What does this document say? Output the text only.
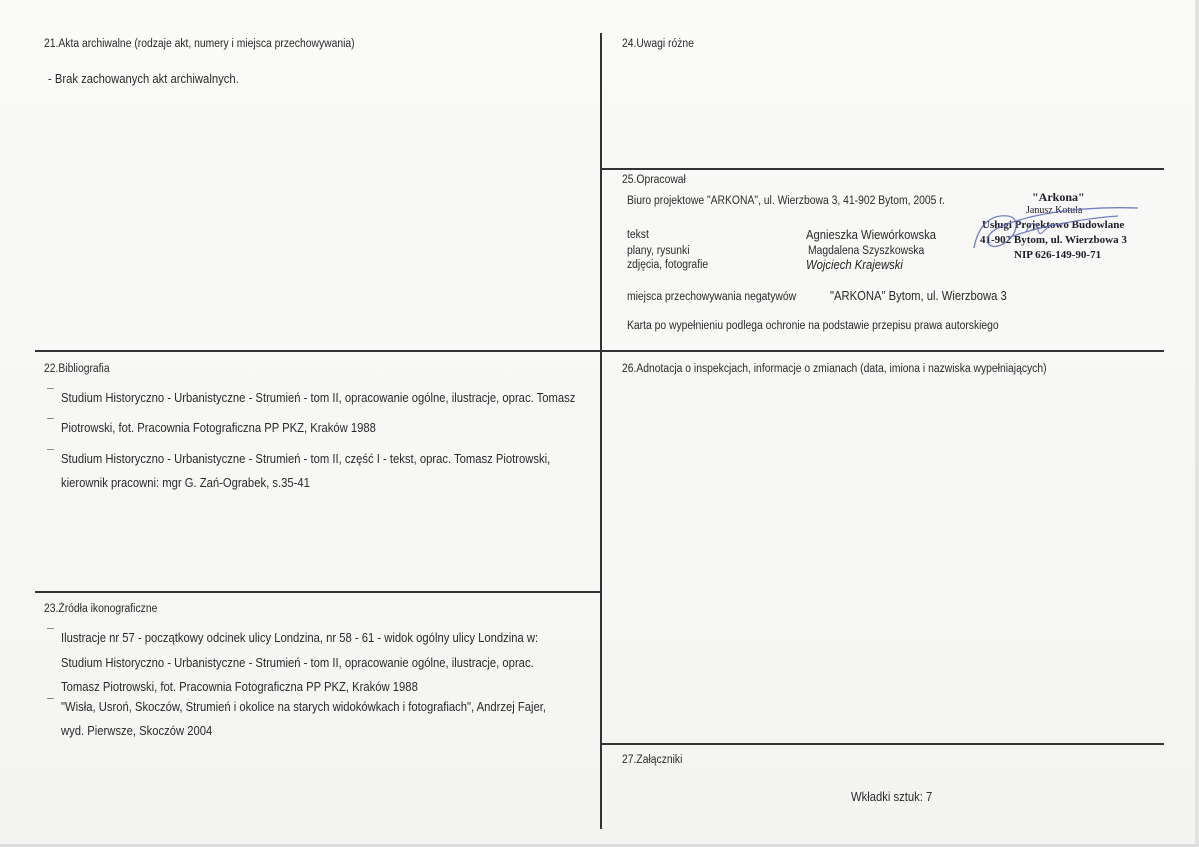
21.Akta archiwalne (rodzaje akt, numery i miejsca przechowywania)
- Brak zachowanych akt archiwalnych.
22.Bibliografia
¯ Studium Historyczno - Urbanistyczne - Strumień - tom II, opracowanie ogólne, ilustracje, oprac. Tomasz
¯ Piotrowski, fot. Pracownia Fotograficzna PP PKZ, Kraków 1988
¯ Studium Historyczno - Urbanistyczne - Strumień - tom II, część I - tekst, oprac. Tomasz Piotrowski,
kierownik pracowni: mgr G. Zań-Ograbek, s.35-41
23.Źródła ikonograficzne
¯ Ilustracje nr 57 - początkowy odcinek ulicy Londzina, nr 58 - 61 - widok ogólny ulicy Londzina w:
Studium Historyczno - Urbanistyczne - Strumień - tom II, opracowanie ogólne, ilustracje, oprac.
Tomasz Piotrowski, fot. Pracownia Fotograficzna PP PKZ, Kraków 1988
¯ "Wisła, Usroń, Skoczów, Strumień i okolice na starych widokówkach i fotografiach", Andrzej Fajer,
wyd. Pierwsze, Skoczów 2004
24.Uwagi różne
25.Opracował
Biuro projektowe "ARKONA", ul. Wierzbowa 3, 41-902 Bytom, 2005 r.
tekst
plany, rysunki
zdjęcia, fotografie
Agnieszka Wiewórkowska
Magdalena Szyszkowska
Wojciech Krajewski
miejsca przechowywania negatywów	"ARKONA" Bytom, ul. Wierzbowa 3
Karta po wypełnieniu podlega ochronie na podstawie przepisu prawa autorskiego
"Arkona"
Janusz Kotula
Usługi Projektowo Budowlane
41-902 Bytom, ul. Wierzbowa 3
NIP 626-149-90-71
26.Adnotacja o inspekcjach, informacje o zmianach (data, imiona i nazwiska wypełniających)
27.Załączniki
Wkładki sztuk: 7
